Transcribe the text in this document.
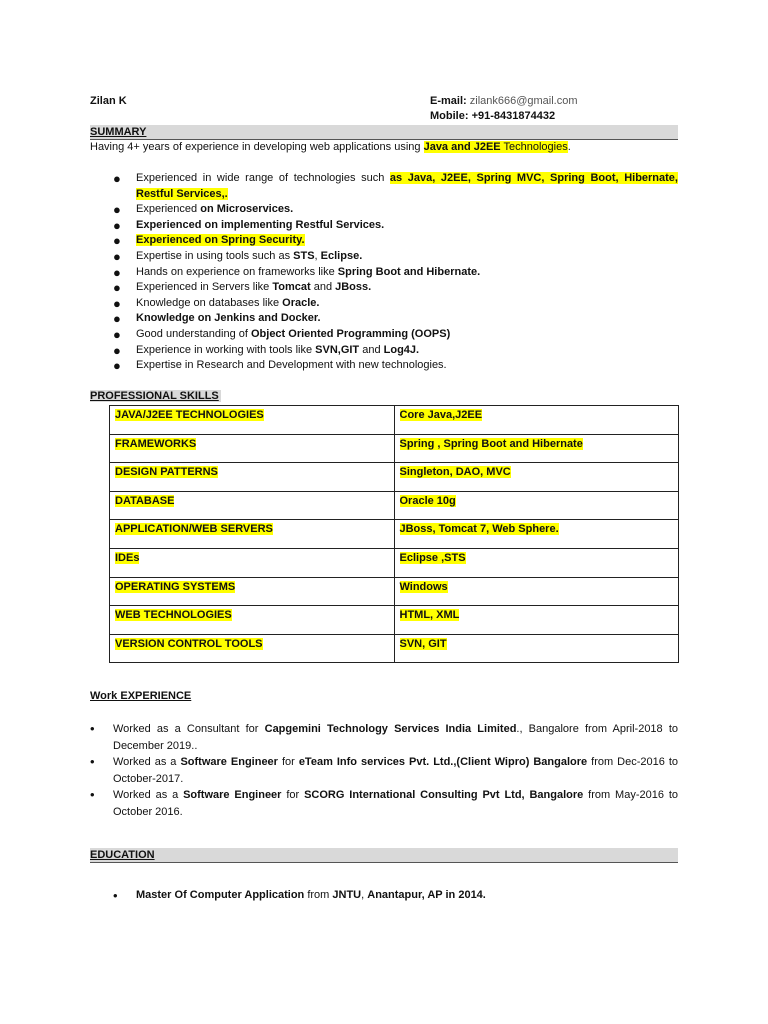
Zilan K	E-mail: zilank666@gmail.com
Mobile: +91-8431874432
SUMMARY
Having 4+ years of experience in developing web applications using Java and J2EE Technologies.
● Experienced in wide range of technologies such as Java, J2EE, Spring MVC, Spring Boot, Hibernate, Restful Services,.
● Experienced on Microservices.
● Experienced on implementing Restful Services.
● Experienced on Spring Security.
● Expertise in using tools such as STS, Eclipse.
● Hands on experience on frameworks like Spring Boot and Hibernate.
● Experienced in Servers like Tomcat and JBoss.
● Knowledge on databases like Oracle.
● Knowledge on Jenkins and Docker.
● Good understanding of Object Oriented Programming (OOPS)
● Experience in working with tools like SVN,GIT and Log4J.
● Expertise in Research and Development with new technologies.
PROFESSIONAL SKILLS
JAVA/J2EE TECHNOLOGIES	Core Java,J2EE
FRAMEWORKS	Spring , Spring Boot and Hibernate
DESIGN PATTERNS	Singleton, DAO, MVC
DATABASE	Oracle 10g
APPLICATION/WEB SERVERS	JBoss, Tomcat 7, Web Sphere.
IDEs	Eclipse ,STS
OPERATING SYSTEMS	Windows
WEB TECHNOLOGIES	HTML, XML
VERSION CONTROL TOOLS	SVN, GIT
Work EXPERIENCE
• Worked as a Consultant for Capgemini Technology Services India Limited., Bangalore from April-2018 to December 2019..
• Worked as a Software Engineer for eTeam Info services Pvt. Ltd.,(Client Wipro) Bangalore from Dec-2016 to October-2017.
• Worked as a Software Engineer for SCORG International Consulting Pvt Ltd, Bangalore from May-2016 to October 2016.
EDUCATION
• Master Of Computer Application from JNTU, Anantapur, AP in 2014.
